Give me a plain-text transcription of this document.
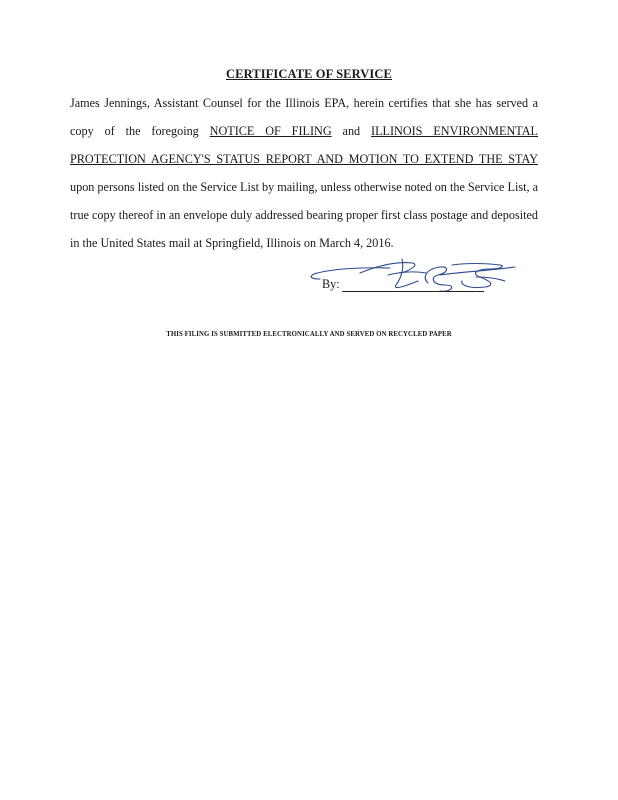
CERTIFICATE OF SERVICE
James Jennings, Assistant Counsel for the Illinois EPA, herein certifies that she has served a
copy of the foregoing NOTICE OF FILING and ILLINOIS ENVIRONMENTAL
PROTECTION AGENCY'S STATUS REPORT AND MOTION TO EXTEND THE STAY
upon persons listed on the Service List by mailing, unless otherwise noted on the Service List, a
true copy thereof in an envelope duly addressed bearing proper first class postage and deposited
in the United States mail at Springfield, Illinois on March 4, 2016.
By:
THIS FILING IS SUBMITTED ELECTRONICALLY AND SERVED ON RECYCLED PAPER
